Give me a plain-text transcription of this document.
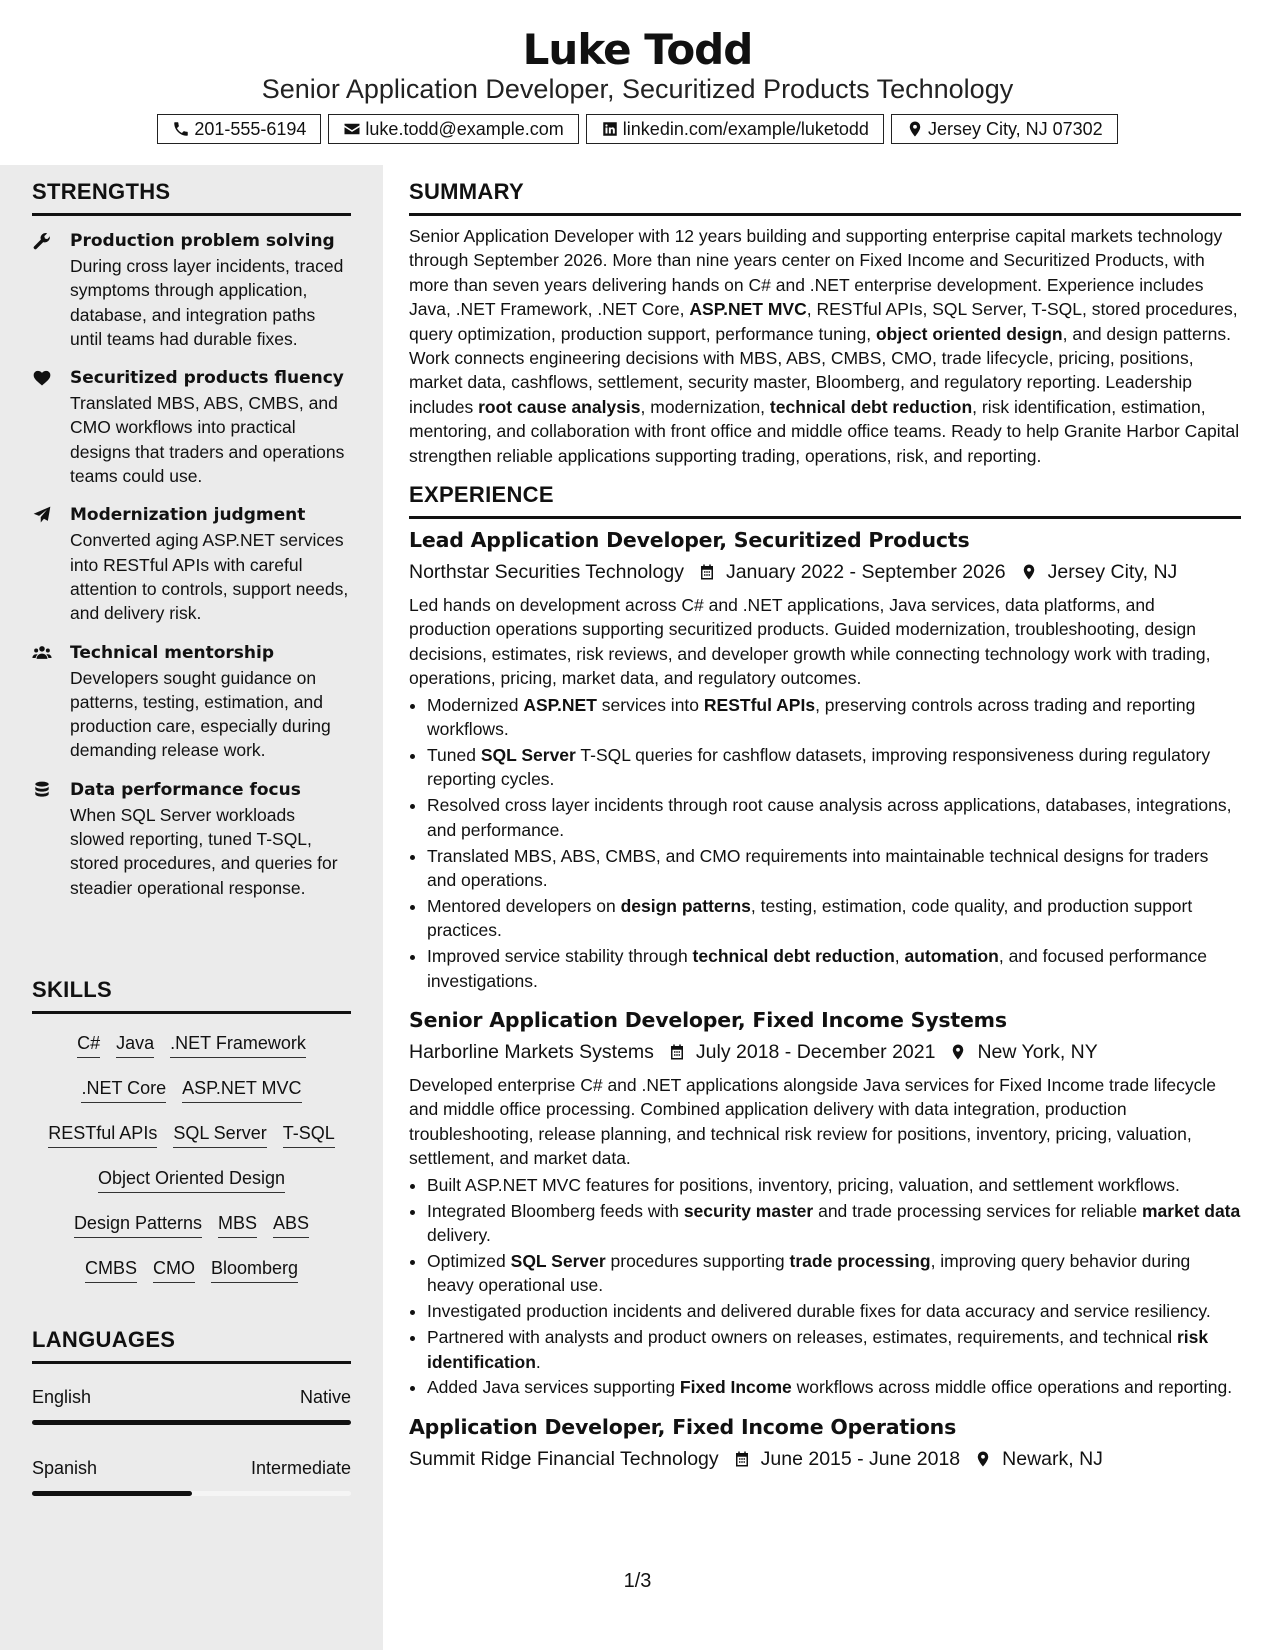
Luke Todd
Senior Application Developer, Securitized Products Technology
201-555-6194	luke.todd@example.com	linkedin.com/example/luketodd	Jersey City, NJ 07302
STRENGTHS
Production problem solving
During cross layer incidents, traced symptoms through application, database, and integration paths until teams had durable fixes.
Securitized products fluency
Translated MBS, ABS, CMBS, and CMO workflows into practical designs that traders and operations teams could use.
Modernization judgment
Converted aging ASP.NET services into RESTful APIs with careful attention to controls, support needs, and delivery risk.
Technical mentorship
Developers sought guidance on patterns, testing, estimation, and production care, especially during demanding release work.
Data performance focus
When SQL Server workloads slowed reporting, tuned T-SQL, stored procedures, and queries for steadier operational response.
SKILLS
C# Java .NET Framework
.NET Core ASP.NET MVC
RESTful APIs SQL Server T-SQL
Object Oriented Design
Design Patterns MBS ABS
CMBS CMO Bloomberg
LANGUAGES
English	Native
Spanish	Intermediate
SUMMARY
Senior Application Developer with 12 years building and supporting enterprise capital markets technology through September 2026. More than nine years center on Fixed Income and Securitized Products, with more than seven years delivering hands on C# and .NET enterprise development. Experience includes Java, .NET Framework, .NET Core, ASP.NET MVC, RESTful APIs, SQL Server, T-SQL, stored procedures, query optimization, production support, performance tuning, object oriented design, and design patterns. Work connects engineering decisions with MBS, ABS, CMBS, CMO, trade lifecycle, pricing, positions, market data, cashflows, settlement, security master, Bloomberg, and regulatory reporting. Leadership includes root cause analysis, modernization, technical debt reduction, risk identification, estimation, mentoring, and collaboration with front office and middle office teams. Ready to help Granite Harbor Capital strengthen reliable applications supporting trading, operations, risk, and reporting.
EXPERIENCE
Lead Application Developer, Securitized Products
Northstar Securities Technology January 2022 - September 2026 Jersey City, NJ
Led hands on development across C# and .NET applications, Java services, data platforms, and production operations supporting securitized products. Guided modernization, troubleshooting, design decisions, estimates, risk reviews, and developer growth while connecting technology work with trading, operations, pricing, market data, and regulatory outcomes.
• Modernized ASP.NET services into RESTful APIs, preserving controls across trading and reporting workflows.
• Tuned SQL Server T-SQL queries for cashflow datasets, improving responsiveness during regulatory reporting cycles.
• Resolved cross layer incidents through root cause analysis across applications, databases, integrations, and performance.
• Translated MBS, ABS, CMBS, and CMO requirements into maintainable technical designs for traders and operations.
• Mentored developers on design patterns, testing, estimation, code quality, and production support practices.
• Improved service stability through technical debt reduction, automation, and focused performance investigations.
Senior Application Developer, Fixed Income Systems
Harborline Markets Systems July 2018 - December 2021 New York, NY
Developed enterprise C# and .NET applications alongside Java services for Fixed Income trade lifecycle and middle office processing. Combined application delivery with data integration, production troubleshooting, release planning, and technical risk review for positions, inventory, pricing, valuation, settlement, and market data.
• Built ASP.NET MVC features for positions, inventory, pricing, valuation, and settlement workflows.
• Integrated Bloomberg feeds with security master and trade processing services for reliable market data delivery.
• Optimized SQL Server procedures supporting trade processing, improving query behavior during heavy operational use.
• Investigated production incidents and delivered durable fixes for data accuracy and service resiliency.
• Partnered with analysts and product owners on releases, estimates, requirements, and technical risk identification.
• Added Java services supporting Fixed Income workflows across middle office operations and reporting.
Application Developer, Fixed Income Operations
Summit Ridge Financial Technology June 2015 - June 2018 Newark, NJ
1/3
